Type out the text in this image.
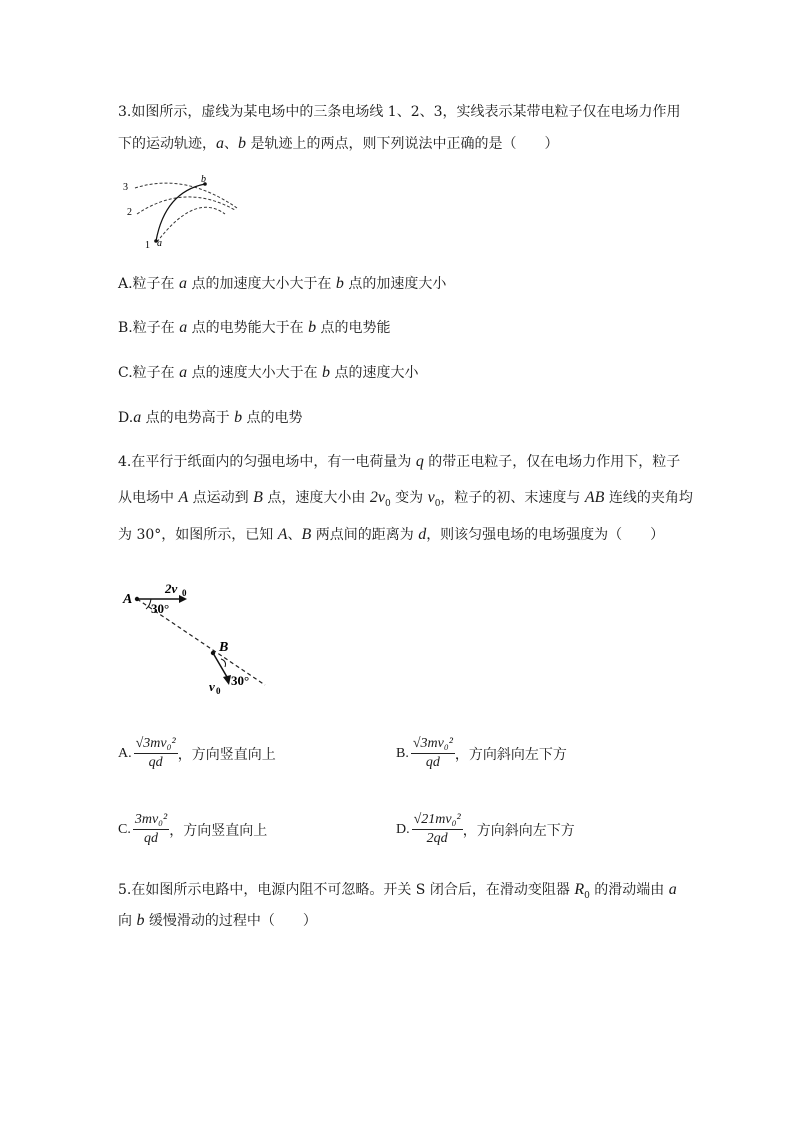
3.如图所示，虚线为某电场中的三条电场线 1、2、3，实线表示某带电粒子仅在电场力作用
下的运动轨迹，a、b 是轨迹上的两点，则下列说法中正确的是（　　）
3
2
1 a
b
A.粒子在 a 点的加速度大小大于在 b 点的加速度大小
B.粒子在 a 点的电势能大于在 b 点的电势能
C.粒子在 a 点的速度大小大于在 b 点的速度大小
D.a 点的电势高于 b 点的电势
4.在平行于纸面内的匀强电场中，有一电荷量为 q 的带正电粒子，仅在电场力作用下，粒子
从电场中 A 点运动到 B 点，速度大小由 $2v_0$ 变为 $v_0$，粒子的初、末速度与 AB 连线的夹角均
为 30°，如图所示，已知 A、B 两点间的距离为 d，则该匀强电场的电场强度为（　　）
A
B
2v 0
30°
v 0
30°
A. $\frac{\text{√3mv₀²}}{qd}$ ，方向竖直向上	B. $\frac{\text{√3mv₀²}}{qd}$ ，方向斜向左下方
C. $\frac{\text{3mv₀²}}{qd}$ ，方向竖直向上	D. $\frac{\text{√21mv₀²}}{2qd}$ ，方向斜向左下方
5.在如图所示电路中，电源内阻不可忽略。开关 S 闭合后，在滑动变阻器 $R_0$ 的滑动端由 a
向 b 缓慢滑动的过程中（　　）
